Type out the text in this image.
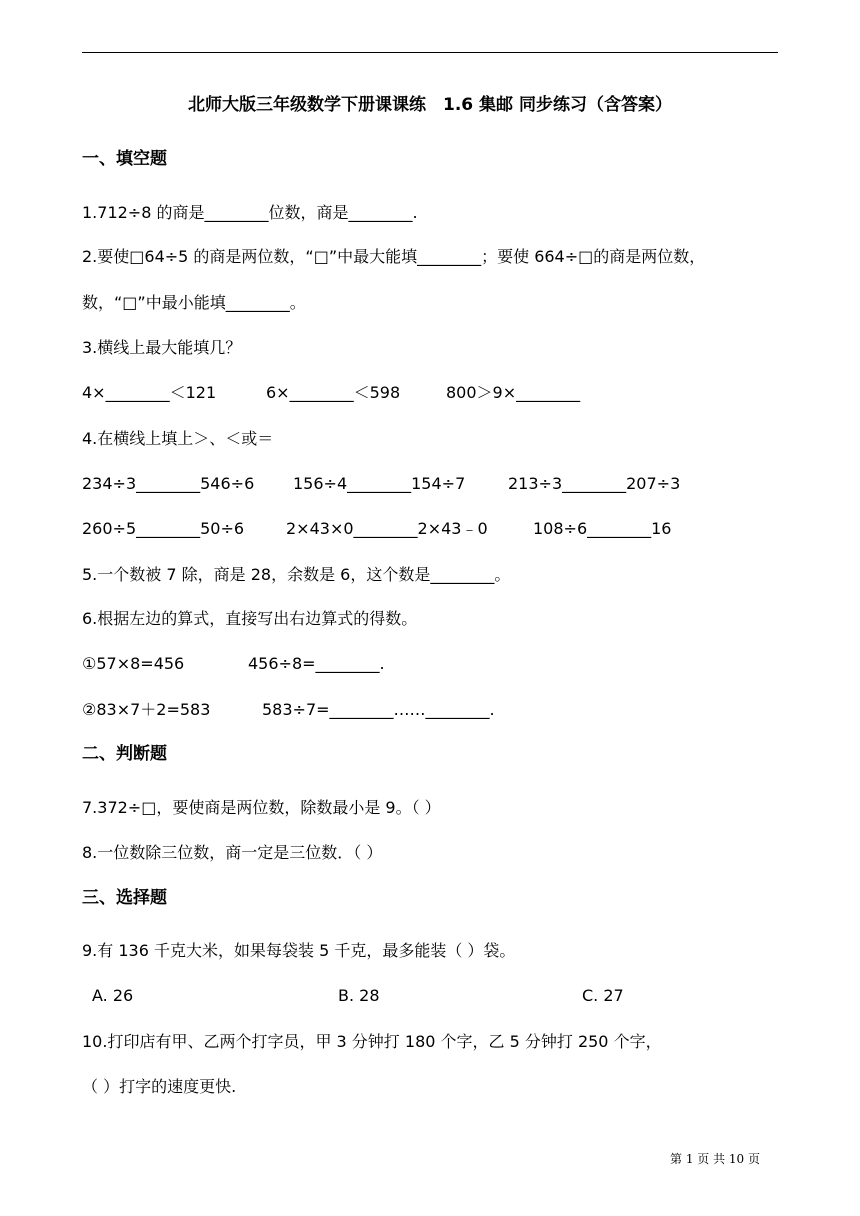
北师大版三年级数学下册课课练　1.6 集邮 同步练习（含答案）
一、填空题
1.712÷8 的商是________位数，商是________.
2.要使□64÷5 的商是两位数，“□”中最大能填________；要使 664÷□的商是两位数，
数，“□”中最小能填________。
3.横线上最大能填几？
4×________＜121	6×________＜598	800＞9×________
4.在横线上填上＞、＜或＝
234÷3________546÷6 156÷4________154÷7	213÷3________207÷3
260÷5________50÷6	2×43×0________2×43﹣0	108÷6________16
5.一个数被 7 除，商是 28，余数是 6，这个数是________。
6.根据左边的算式，直接写出右边算式的得数。
①57×8=456	456÷8=________.
②83×7＋2=583	583÷7=________……________.
二、判断题
7.372÷□，要使商是两位数，除数最小是 9。（ ）
8.一位数除三位数，商一定是三位数．（ ）
三、选择题
9.有 136 千克大米，如果每袋装 5 千克，最多能装（ ）袋。
A. 26	B. 28	C. 27
10.打印店有甲、乙两个打字员，甲 3 分钟打 180 个字，乙 5 分钟打 250 个字，
（ ）打字的速度更快.
第 1 页 共 10 页
